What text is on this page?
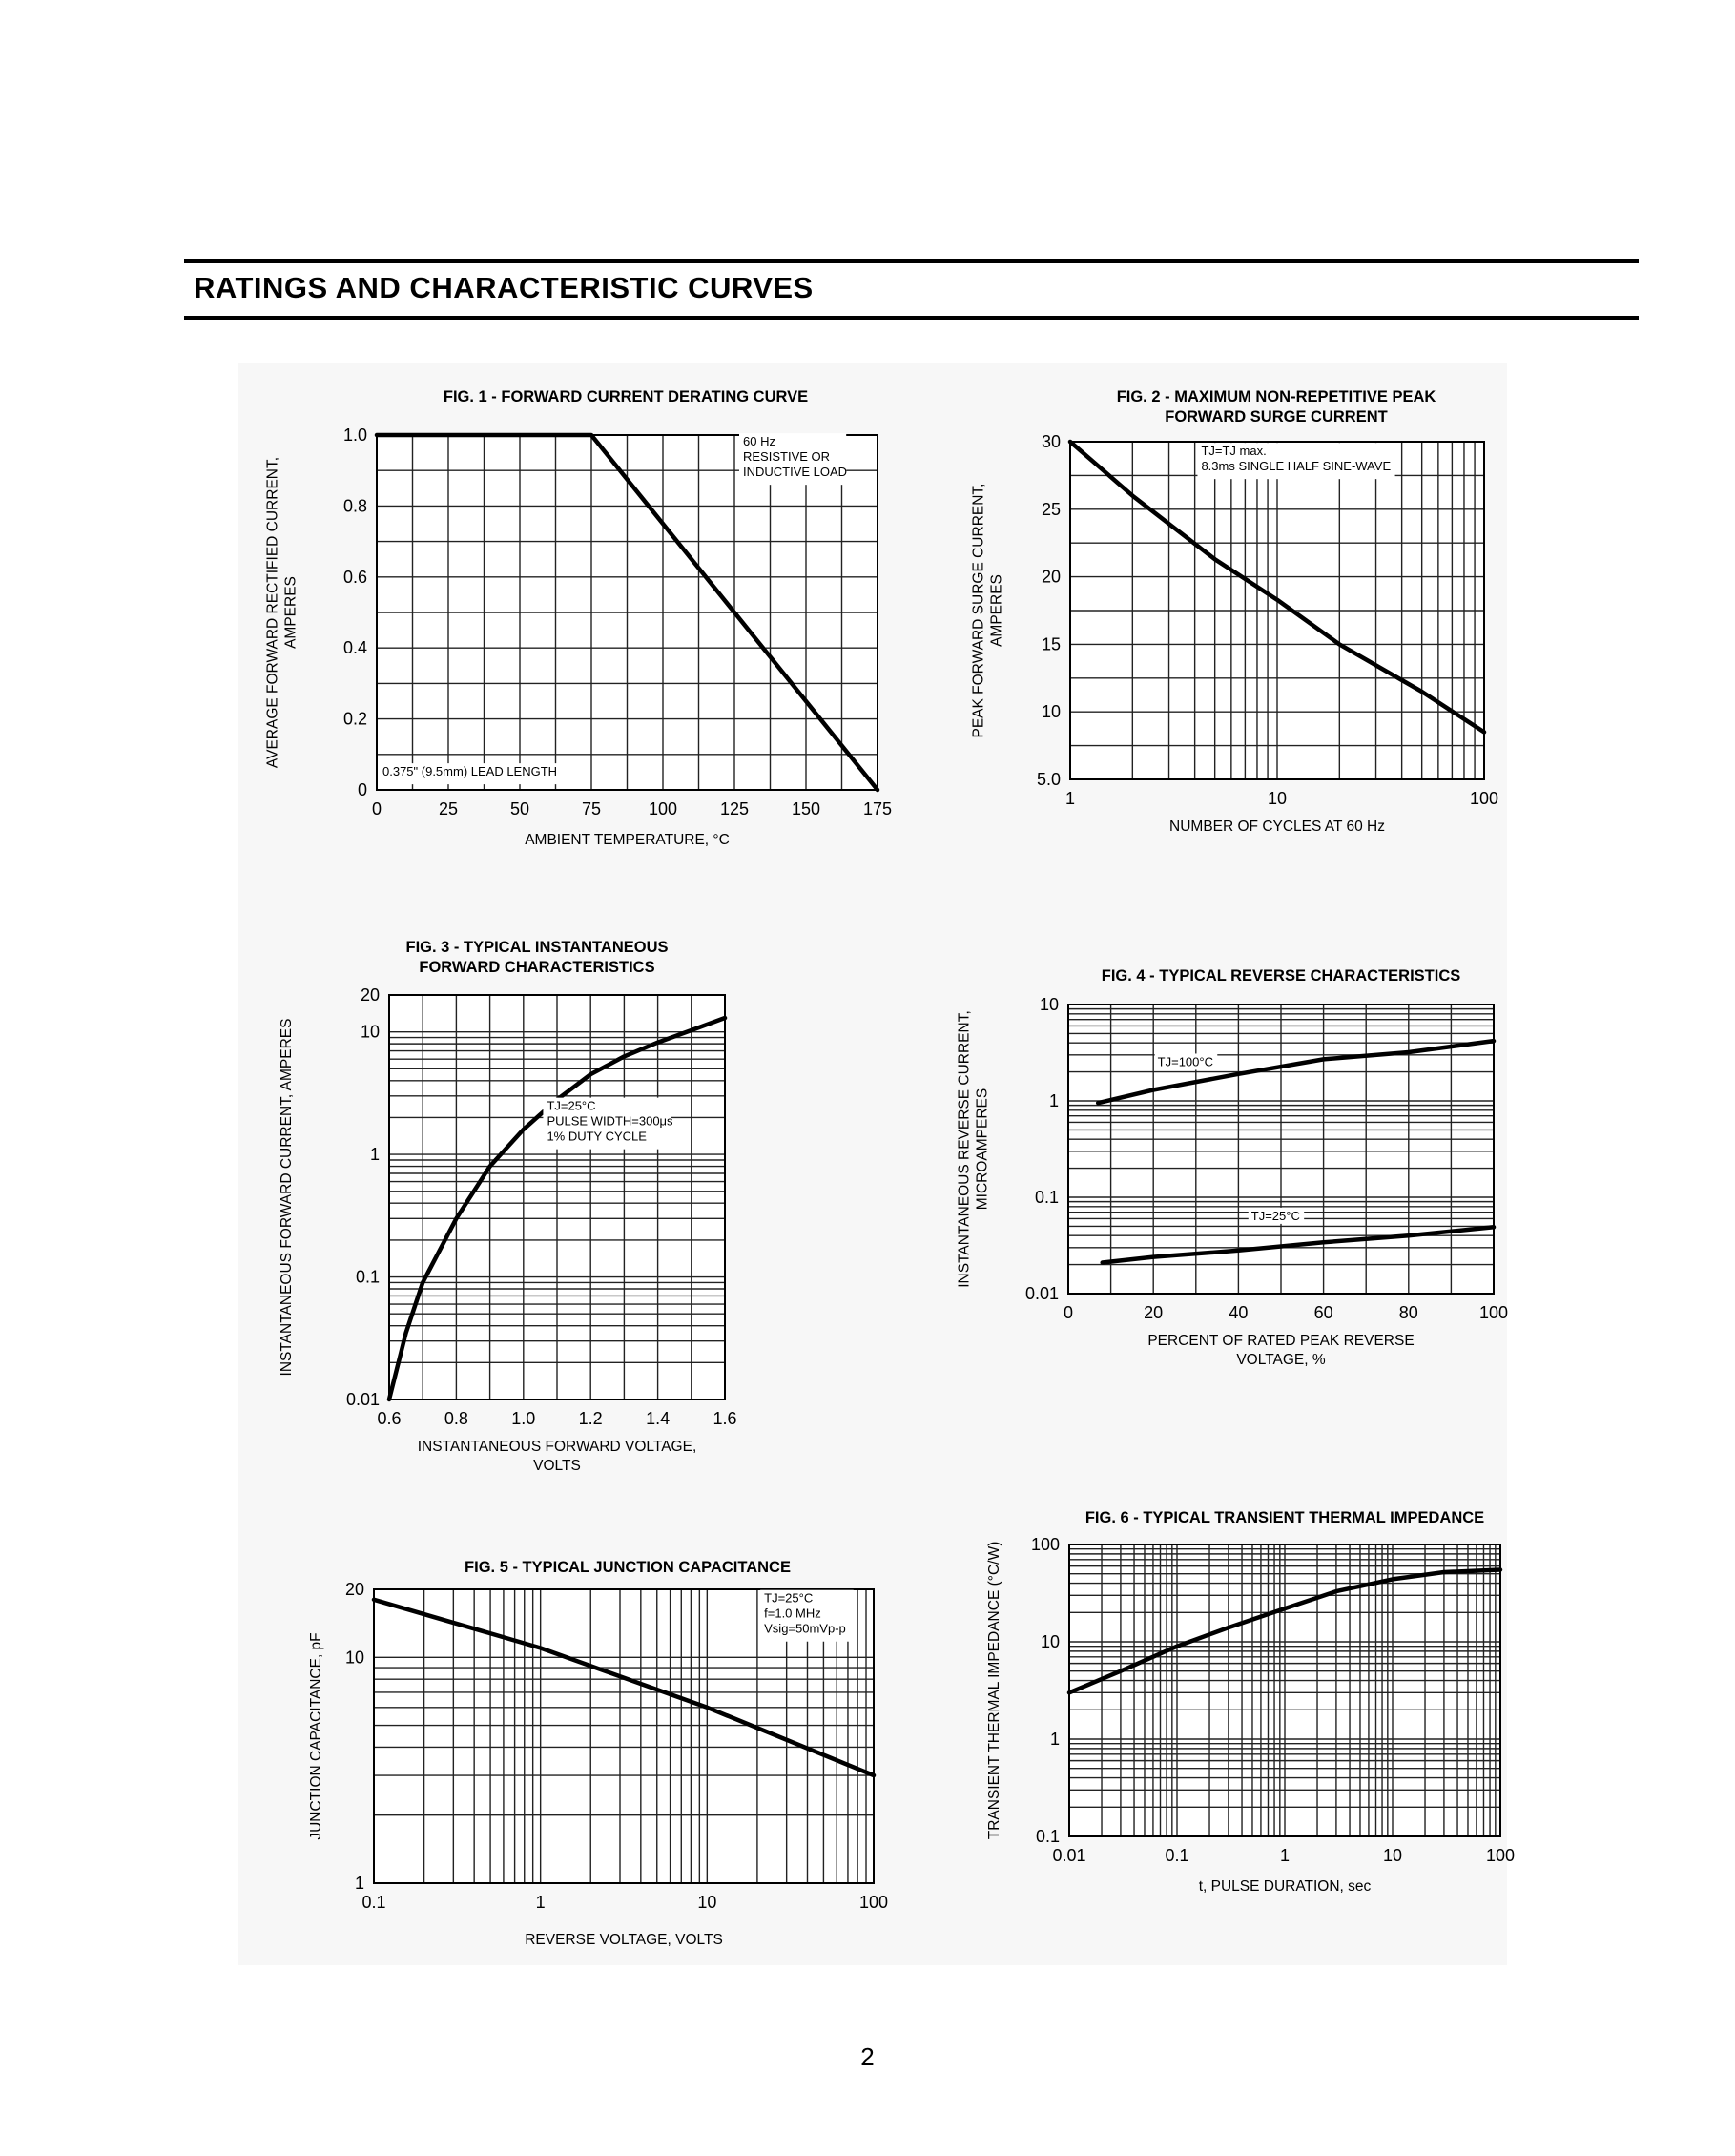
RATINGS AND CHARACTERISTIC CURVES
FIG. 1 - FORWARD CURRENT DERATING CURVE
0	25	50	75	100 125 150 175
0
0.2
0.4
0.6
0.8
1.0
AMBIENT TEMPERATURE, °C
AVERAGE FORWARD RECTIFIED CURRENT, AMPERES
60 Hz
RESISTIVE OR
INDUCTIVE LOAD
0.375" (9.5mm) LEAD LENGTH
FIG. 2 - MAXIMUM NON-REPETITIVE PEAK
FORWARD SURGE CURRENT
1	10	100
5.0
10
15
20
25
30
NUMBER OF CYCLES AT 60 Hz
PEAK FORWARD SURGE CURRENT, AMPERES
TJ=TJ max.
8.3ms SINGLE HALF SINE-WAVE
FIG. 3 - TYPICAL INSTANTANEOUS
FORWARD CHARACTERISTICS
0.6	0.8	1.0	1.2	1.4	1.6
0.01
0.1
1
10
20
INSTANTANEOUS FORWARD VOLTAGE,
VOLTS
INSTANTANEOUS FORWARD CURRENT, AMPERES	TJ=25°C
PULSE WIDTH=300μs
1% DUTY CYCLE
FIG. 4 - TYPICAL REVERSE CHARACTERISTICS
0	20	40	60	80	100
0.01
0.1
1
10
PERCENT OF RATED PEAK REVERSE
VOLTAGE, %
INSTANTANEOUS REVERSE CURRENT, MICROAMPERES
TJ=100°C
TJ=25°C
FIG. 5 - TYPICAL JUNCTION CAPACITANCE
0.1	1	10	100
1
10
20
REVERSE VOLTAGE, VOLTS
JUNCTION CAPACITANCE, pF
TJ=25°C
f=1.0 MHz
Vsig=50mVp-p
FIG. 6 - TYPICAL TRANSIENT THERMAL IMPEDANCE
0.01	0.1	1	10	100
0.1
1
10
100
t, PULSE DURATION, sec
TRANSIENT THERMAL IMPEDANCE (°C/W)
2
